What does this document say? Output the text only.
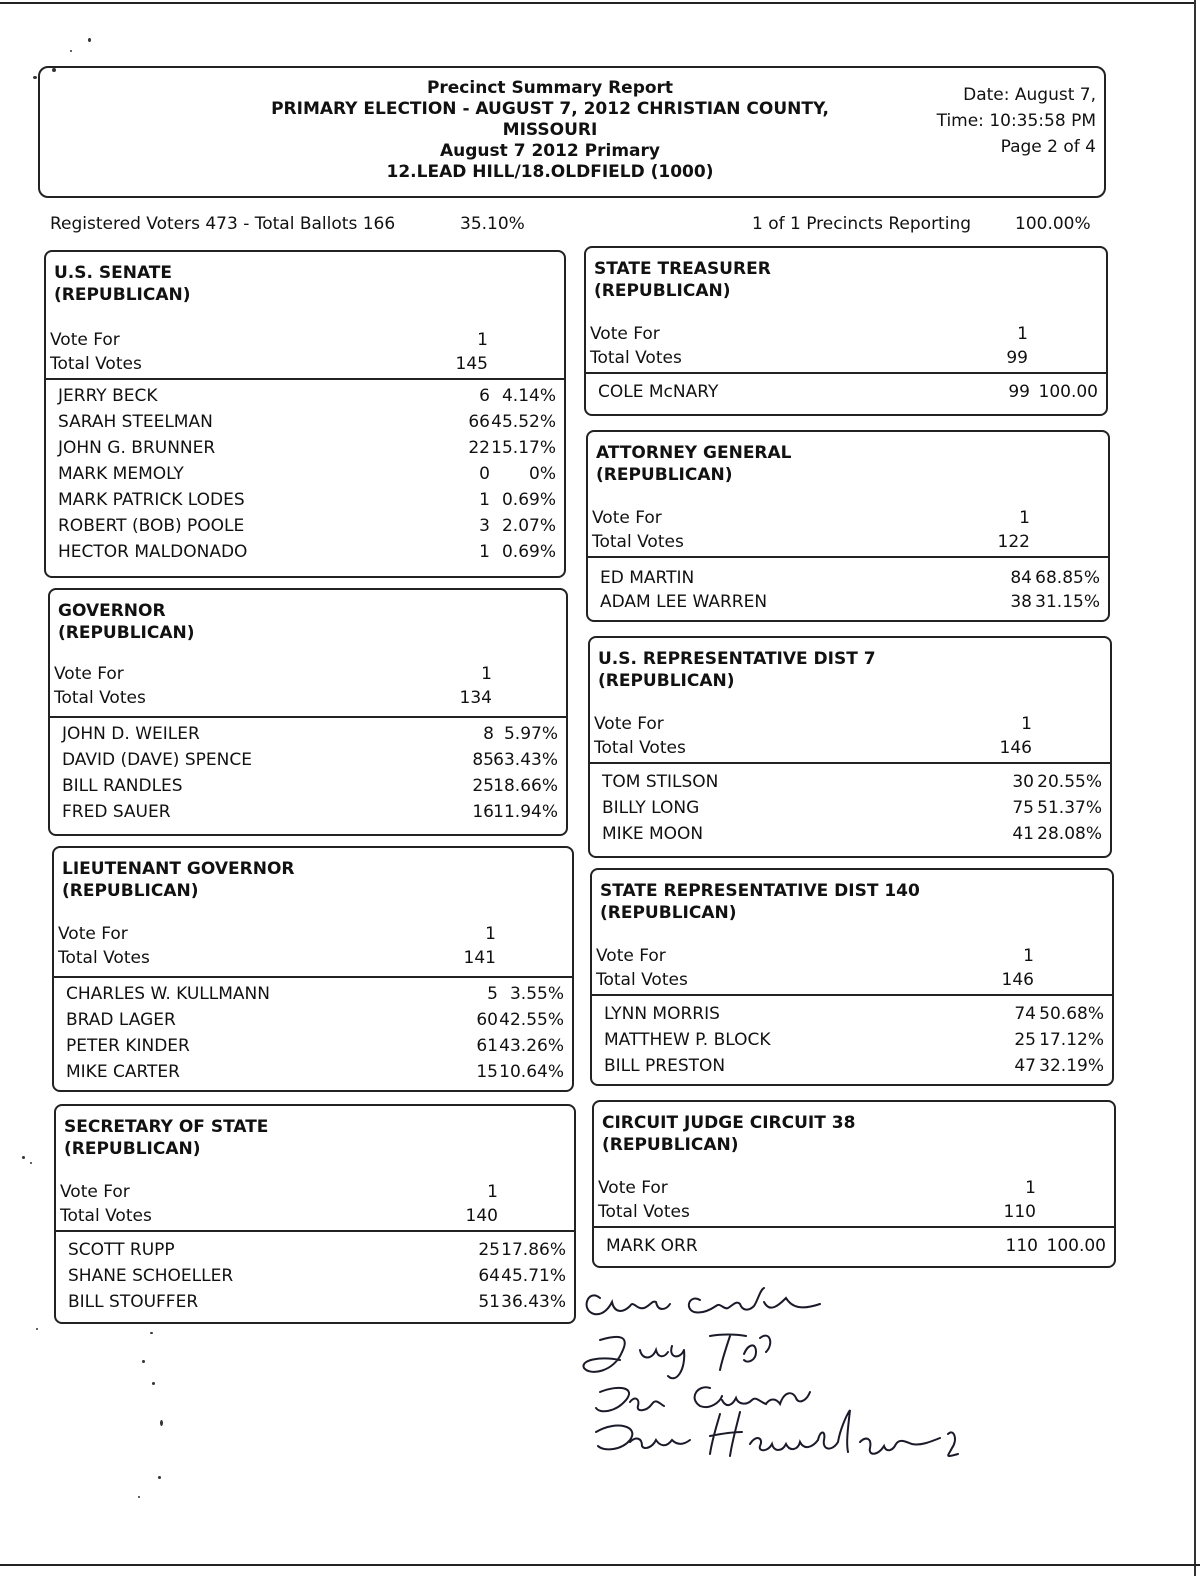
Precinct Summary Report
PRIMARY ELECTION - AUGUST 7, 2012 CHRISTIAN COUNTY,
MISSOURI
August 7 2012 Primary
12.LEAD HILL/18.OLDFIELD (1000)
Date: August 7,
Time: 10:35:58 PM
Page 2 of 4
Registered Voters 473 - Total Ballots 166	35.10%	1 of 1 Precincts Reporting	100.00%
U.S. SENATE
(REPUBLICAN)
Vote For	1
Total Votes	145
JERRY BECK	6 4.14%
SARAH STEELMAN	66 45.52%
JOHN G. BRUNNER	22 15.17%
MARK MEMOLY	0	0%
MARK PATRICK LODES	1 0.69%
ROBERT (BOB) POOLE	3 2.07%
HECTOR MALDONADO	1 0.69%
GOVERNOR
(REPUBLICAN)
Vote For	1
Total Votes	134
JOHN D. WEILER	8 5.97%
DAVID (DAVE) SPENCE	85 63.43%
BILL RANDLES	25 18.66%
FRED SAUER	16 11.94%
LIEUTENANT GOVERNOR
(REPUBLICAN)
Vote For	1
Total Votes	141
CHARLES W. KULLMANN	5 3.55%
BRAD LAGER	60 42.55%
PETER KINDER	61 43.26%
MIKE CARTER	15 10.64%
SECRETARY OF STATE
(REPUBLICAN)
Vote For	1
Total Votes	140
SCOTT RUPP	25 17.86%
SHANE SCHOELLER	64 45.71%
BILL STOUFFER	51 36.43%
STATE TREASURER
(REPUBLICAN)
Vote For	1
Total Votes	99
COLE McNARY	99 100.00
ATTORNEY GENERAL
(REPUBLICAN)
Vote For	1
Total Votes	122
ED MARTIN	84 68.85%
ADAM LEE WARREN	38 31.15%
U.S. REPRESENTATIVE DIST 7
(REPUBLICAN)
Vote For	1
Total Votes	146
TOM STILSON	30 20.55%
BILLY LONG	75 51.37%
MIKE MOON	41 28.08%
STATE REPRESENTATIVE DIST 140
(REPUBLICAN)
Vote For	1
Total Votes	146
LYNN MORRIS	74 50.68%
MATTHEW P. BLOCK	25 17.12%
BILL PRESTON	47 32.19%
CIRCUIT JUDGE CIRCUIT 38
(REPUBLICAN)
Vote For	1
Total Votes	110
MARK ORR	110 100.00
